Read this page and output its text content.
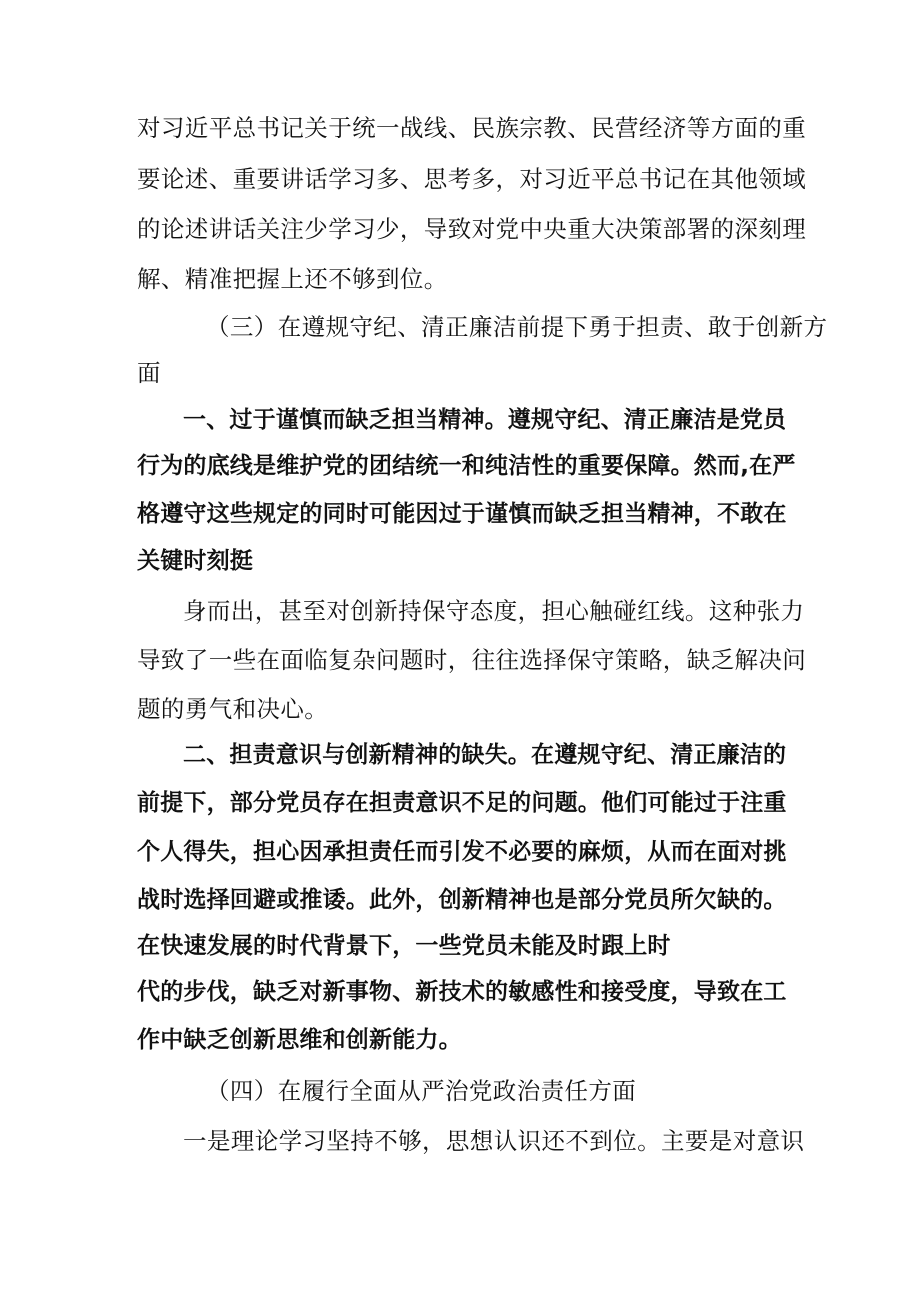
对习近平总书记关于统一战线、民族宗教、民营经济等方面的重
要论述、重要讲话学习多、思考多，对习近平总书记在其他领域
的论述讲话关注少学习少，导致对党中央重大决策部署的深刻理
解、精准把握上还不够到位。
（三）在遵规守纪、清正廉洁前提下勇于担责、敢于创新方
面
一、过于谨慎而缺乏担当精神。遵规守纪、清正廉洁是党员
行为的底线是维护党的团结统一和纯洁性的重要保障。然而,在严
格遵守这些规定的同时可能因过于谨慎而缺乏担当精神，不敢在
关键时刻挺
身而出，甚至对创新持保守态度，担心触碰红线。这种张力
导致了一些在面临复杂问题时，往往选择保守策略，缺乏解决问
题的勇气和决心。
二、担责意识与创新精神的缺失。在遵规守纪、清正廉洁的
前提下，部分党员存在担责意识不足的问题。他们可能过于注重
个人得失，担心因承担责任而引发不必要的麻烦，从而在面对挑
战时选择回避或推诿。此外，创新精神也是部分党员所欠缺的。
在快速发展的时代背景下，一些党员未能及时跟上时
代的步伐，缺乏对新事物、新技术的敏感性和接受度，导致在工
作中缺乏创新思维和创新能力。
（四）在履行全面从严治党政治责任方面
一是理论学习坚持不够，思想认识还不到位。主要是对意识
